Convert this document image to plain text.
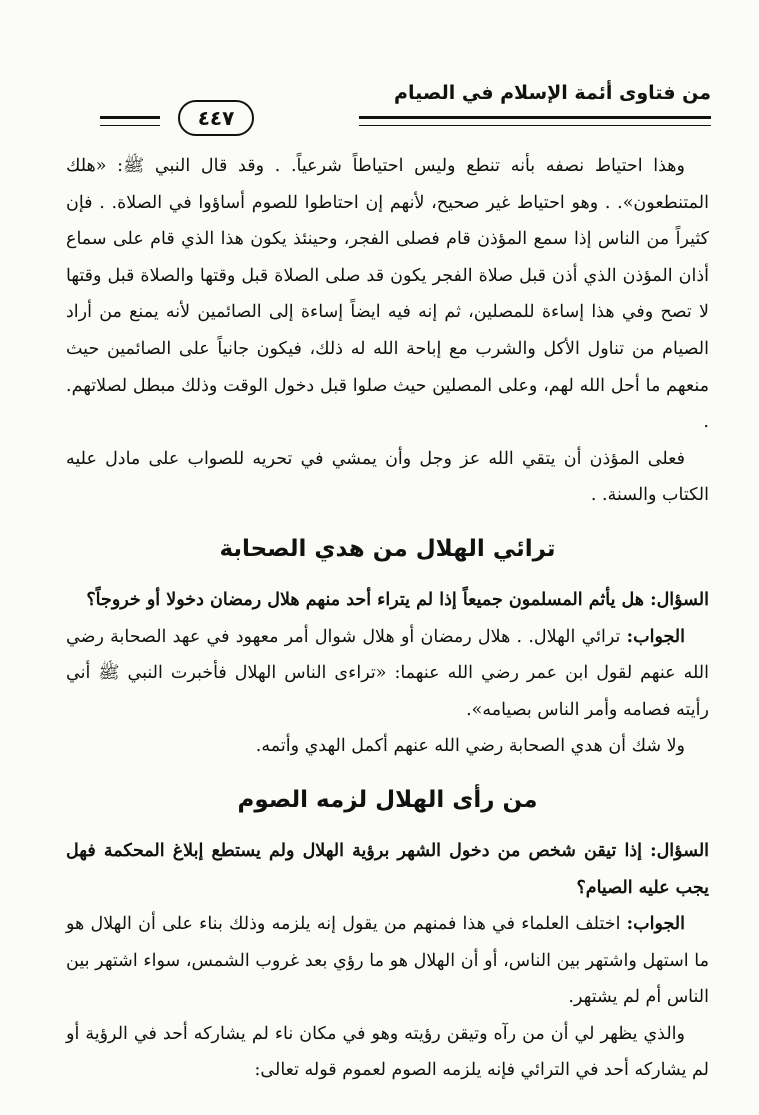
من فتاوى أئمة الإسلام في الصيام
٤٤٧

وهذا احتياط نصفه بأنه تنطع وليس احتياطاً شرعياً. . وقد قال النبي ﷺ: «هلك المتنطعون». . وهو احتياط غير صحيح، لأنهم إن احتاطوا للصوم أساؤوا في الصلاة. . فإن كثيراً من الناس إذا سمع المؤذن قام فصلى الفجر، وحينئذ يكون هذا الذي قام على سماع أذان المؤذن الذي أذن قبل صلاة الفجر يكون قد صلى الصلاة قبل وقتها والصلاة قبل وقتها لا تصح وفي هذا إساءة للمصلين، ثم إنه فيه ايضاً إساءة إلى الصائمين لأنه يمنع من أراد الصيام من تناول الأكل والشرب مع إباحة الله له ذلك، فيكون جانياً على الصائمين حيث منعهم ما أحل الله لهم، وعلى المصلين حيث صلوا قبل دخول الوقت وذلك مبطل لصلاتهم. .

فعلى المؤذن أن يتقي الله عز وجل وأن يمشي في تحريه للصواب على مادل عليه الكتاب والسنة. .

ترائي الهلال من هدي الصحابة

السؤال: هل يأثم المسلمون جميعاً إذا لم يتراء أحد منهم هلال رمضان دخولا أو خروجاً؟

الجواب: ترائي الهلال. . هلال رمضان أو هلال شوال أمر معهود في عهد الصحابة رضي الله عنهم لقول ابن عمر رضي الله عنهما: «تراءى الناس الهلال فأخبرت النبي ﷺ أني رأيته فصامه وأمر الناس بصيامه».

ولا شك أن هدي الصحابة رضي الله عنهم أكمل الهدي وأتمه.

من رأى الهلال لزمه الصوم

السؤال: إذا تيقن شخص من دخول الشهر برؤية الهلال ولم يستطع إبلاغ المحكمة فهل يجب عليه الصيام؟

الجواب: اختلف العلماء في هذا فمنهم من يقول إنه يلزمه وذلك بناء على أن الهلال هو ما استهل واشتهر بين الناس، أو أن الهلال هو ما رؤي بعد غروب الشمس، سواء اشتهر بين الناس أم لم يشتهر.

والذي يظهر لي أن من رآه وتيقن رؤيته وهو في مكان ناء لم يشاركه أحد في الرؤية أو لم يشاركه أحد في الترائي فإنه يلزمه الصوم لعموم قوله تعالى:
